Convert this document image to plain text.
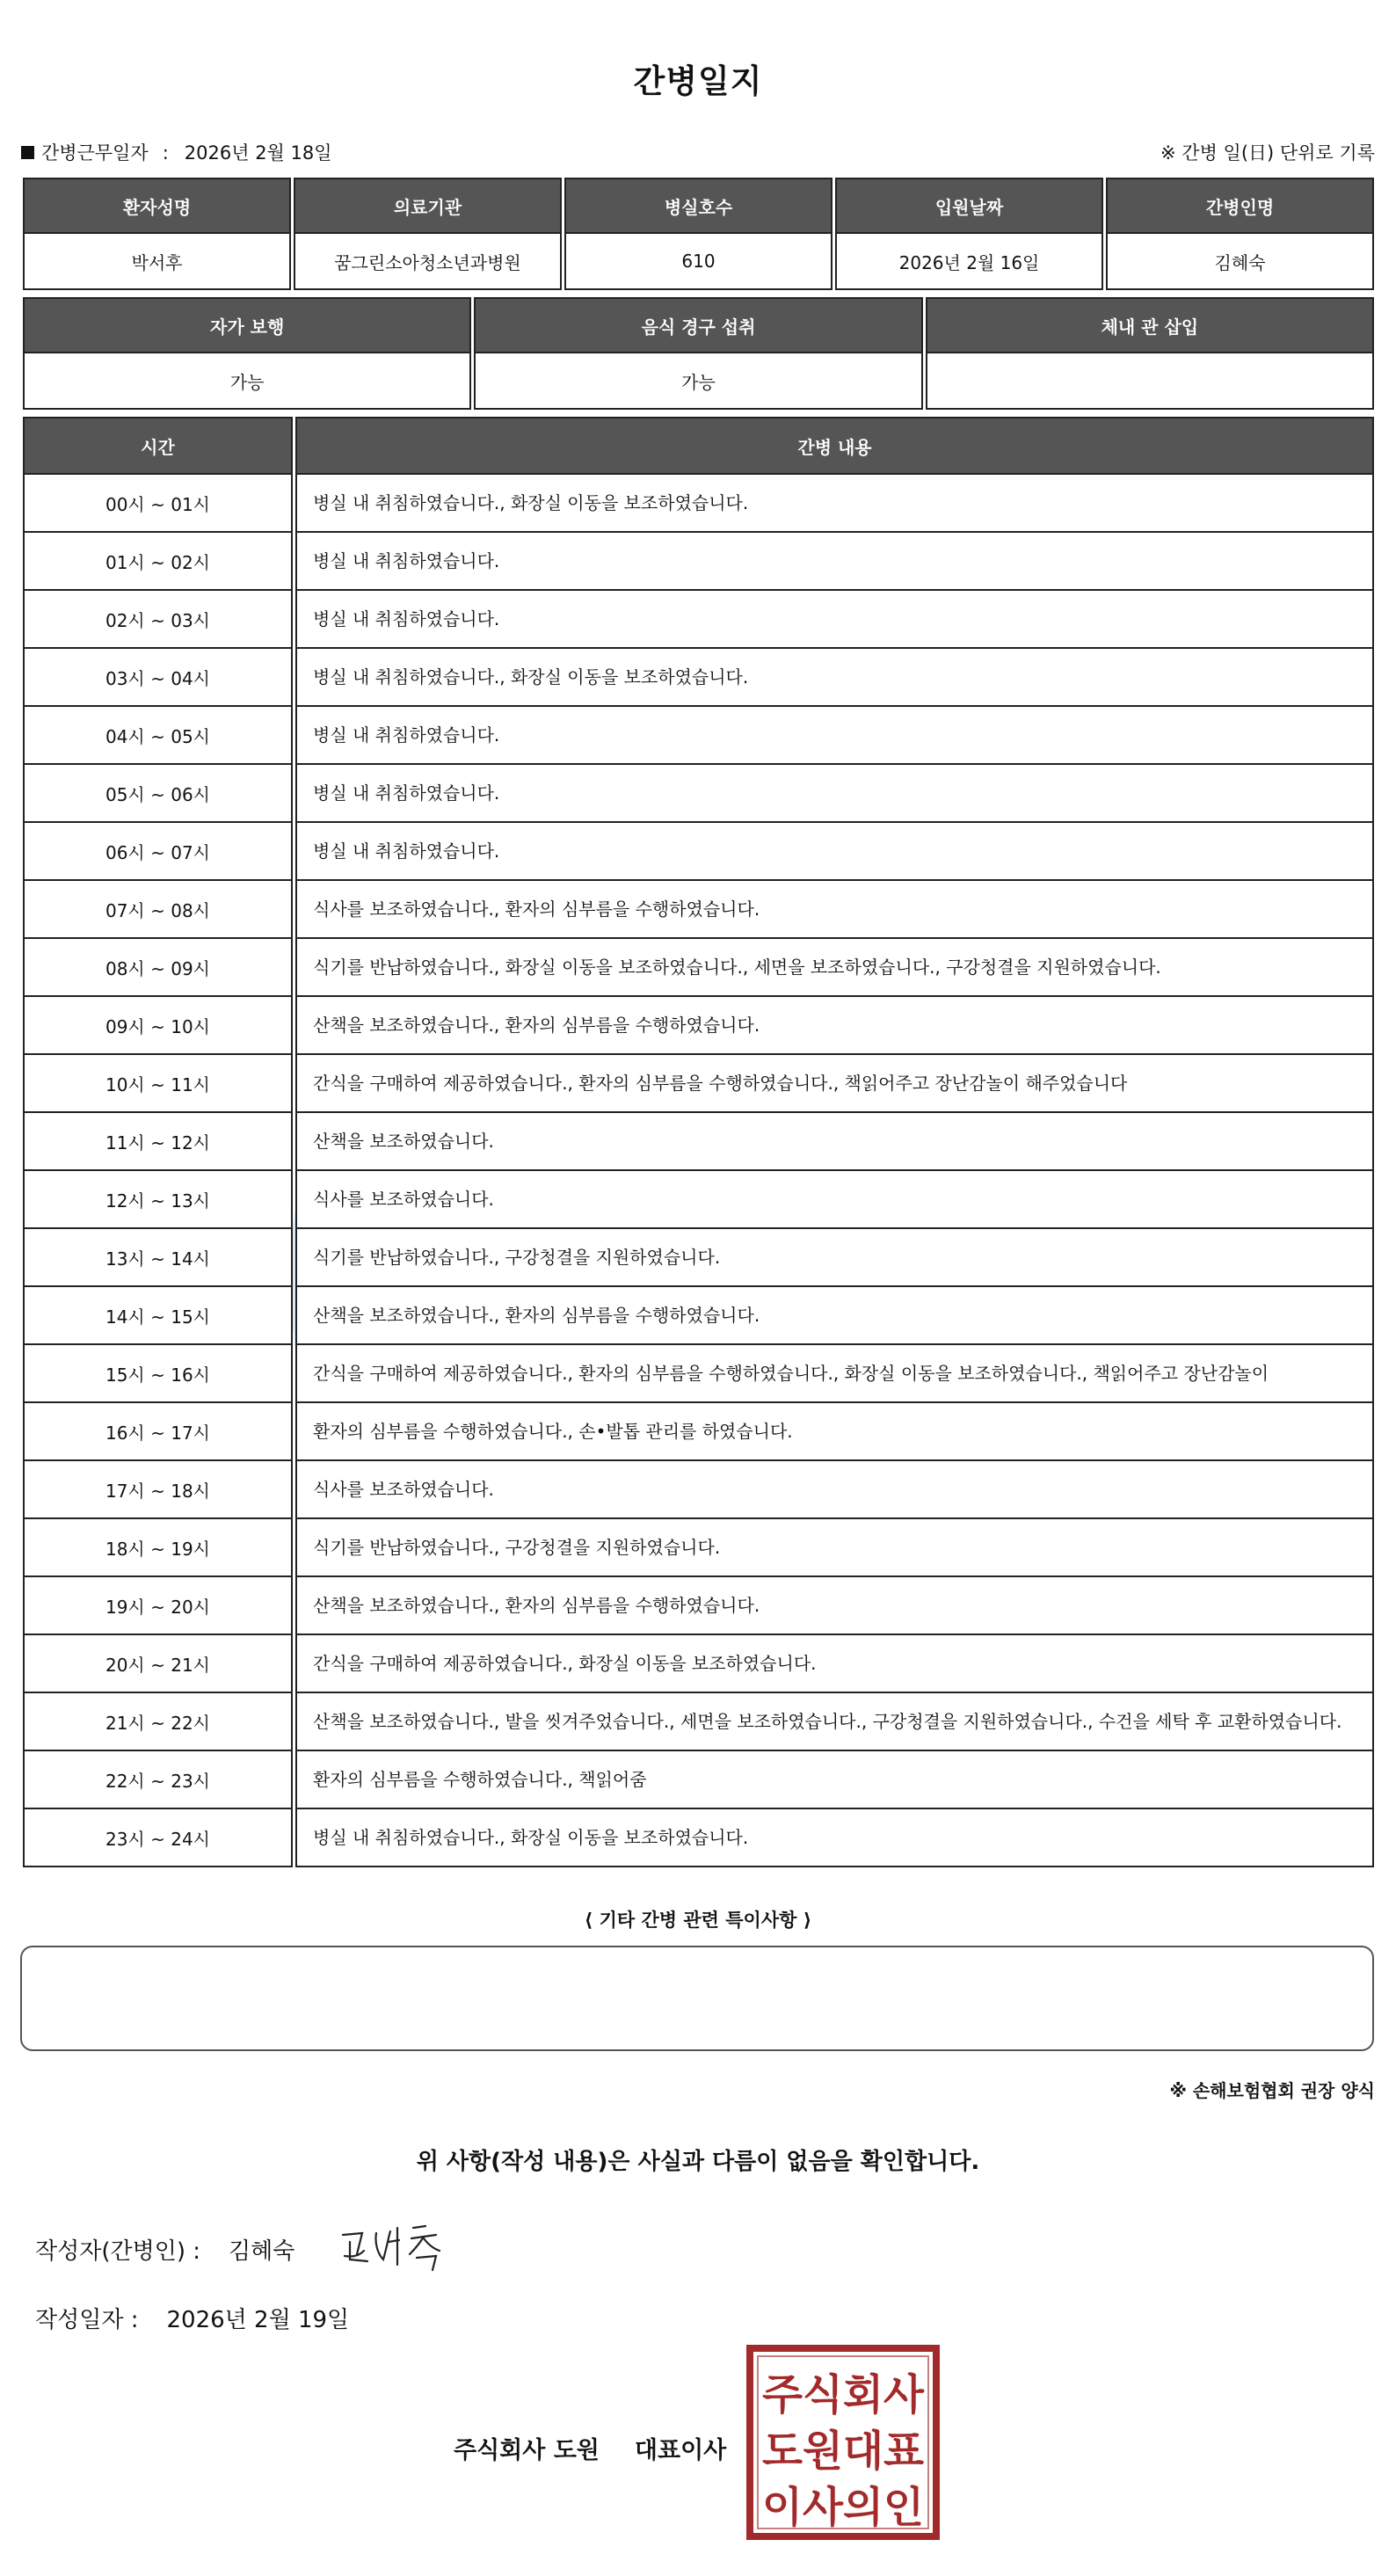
간병일지
간병근무일자 : 2026년 2월 18일	※ 간병 일(日) 단위로 기록
환자성명	의료기관	병실호수	입원날짜	간병인명
박서후	꿈그린소아청소년과병원	610	2026년 2월 16일	김혜숙
자가 보행	음식 경구 섭취	체내 관 삽입
가능	가능	
시간	간병 내용
00시 ~ 01시	병실 내 취침하였습니다., 화장실 이동을 보조하였습니다.
01시 ~ 02시	병실 내 취침하였습니다.
02시 ~ 03시	병실 내 취침하였습니다.
03시 ~ 04시	병실 내 취침하였습니다., 화장실 이동을 보조하였습니다.
04시 ~ 05시	병실 내 취침하였습니다.
05시 ~ 06시	병실 내 취침하였습니다.
06시 ~ 07시	병실 내 취침하였습니다.
07시 ~ 08시	식사를 보조하였습니다., 환자의 심부름을 수행하였습니다.
08시 ~ 09시	식기를 반납하였습니다., 화장실 이동을 보조하였습니다., 세면을 보조하였습니다., 구강청결을 지원하였습니다.
09시 ~ 10시	산책을 보조하였습니다., 환자의 심부름을 수행하였습니다.
10시 ~ 11시	간식을 구매하여 제공하였습니다., 환자의 심부름을 수행하였습니다., 책읽어주고 장난감놀이 해주었습니다
11시 ~ 12시	산책을 보조하였습니다.
12시 ~ 13시	식사를 보조하였습니다.
13시 ~ 14시	식기를 반납하였습니다., 구강청결을 지원하였습니다.
14시 ~ 15시	산책을 보조하였습니다., 환자의 심부름을 수행하였습니다.
15시 ~ 16시	간식을 구매하여 제공하였습니다., 환자의 심부름을 수행하였습니다., 화장실 이동을 보조하였습니다., 책읽어주고 장난감놀이
16시 ~ 17시	환자의 심부름을 수행하였습니다., 손•발톱 관리를 하였습니다.
17시 ~ 18시	식사를 보조하였습니다.
18시 ~ 19시	식기를 반납하였습니다., 구강청결을 지원하였습니다.
19시 ~ 20시	산책을 보조하였습니다., 환자의 심부름을 수행하였습니다.
20시 ~ 21시	간식을 구매하여 제공하였습니다., 화장실 이동을 보조하였습니다.
21시 ~ 22시	산책을 보조하였습니다., 발을 씻겨주었습니다., 세면을 보조하였습니다., 구강청결을 지원하였습니다., 수건을 세탁 후 교환하였습니다.
22시 ~ 23시	환자의 심부름을 수행하였습니다., 책읽어줌
23시 ~ 24시	병실 내 취침하였습니다., 화장실 이동을 보조하였습니다.
⟨ 기타 간병 관련 특이사항 ⟩
※ 손해보험협회 권장 양식
위 사항(작성 내용)은 사실과 다름이 없음을 확인합니다.
작성자(간병인) : 김혜숙
작성일자 : 2026년 2월 19일
주식회사 도원 대표이사
주식회사
도원대표
이사의인
